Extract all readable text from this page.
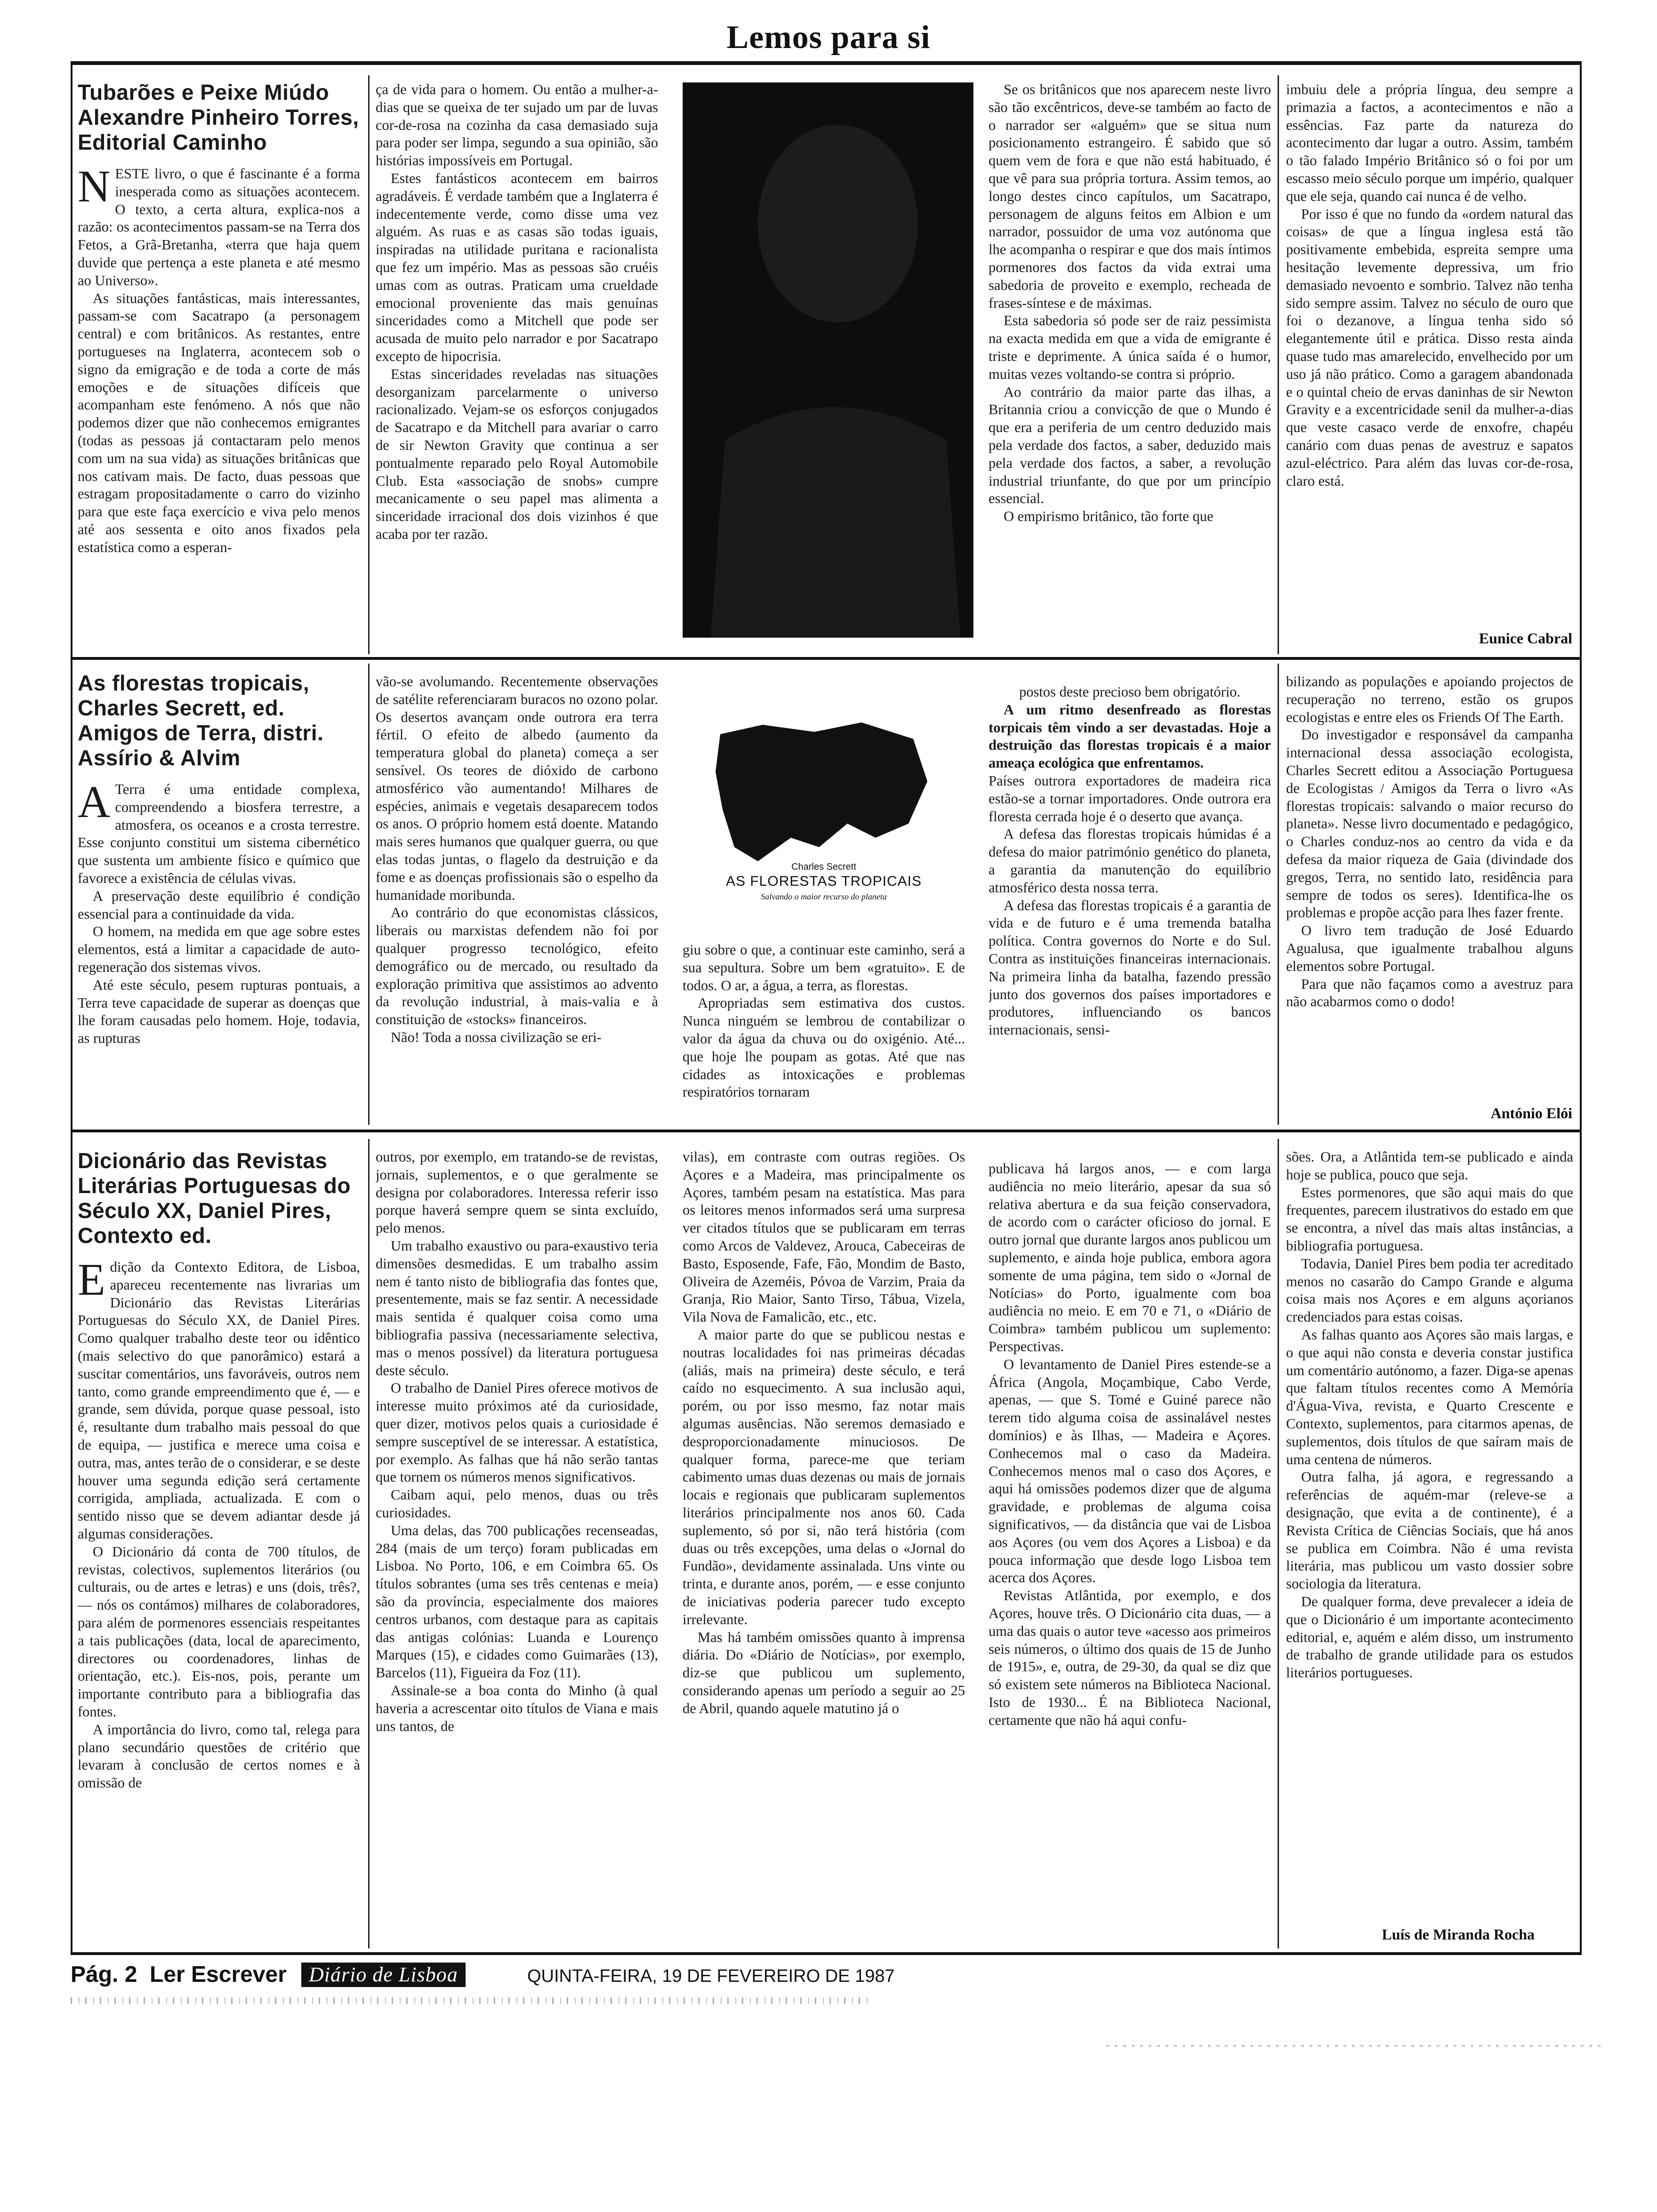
Lemos para si
Tubarões e Peixe Miúdo Alexandre Pinheiro Torres, Editorial Caminho

NESTE livro, o que é fascinante é a forma inesperada como as situações acontecem. O texto, a certa altura, explica-nos a razão: os acontecimentos passam-se na Terra dos Fetos, a Grã-Bretanha, «terra que haja quem duvide que pertença a este planeta e até mesmo ao Universo».

As situações fantásticas, mais interessantes, passam-se com Sacatrapo (a personagem central) e com britânicos. As restantes, entre portugueses na Inglaterra, acontecem sob o signo da emigração e de toda a corte de más emoções e de situações difíceis que acompanham este fenómeno. A nós que não podemos dizer que não conhecemos emigrantes (todas as pessoas já contactaram pelo menos com um na sua vida) as situações britânicas que nos cativam mais. De facto, duas pessoas que estragam propositadamente o carro do vizinho para que este faça exercício e viva pelo menos até aos sessenta e oito anos fixados pela estatística como a esperan-

ça de vida para o homem. Ou então a mulher-a-dias que se queixa de ter sujado um par de luvas cor-de-rosa na cozinha da casa demasiado suja para poder ser limpa, segundo a sua opinião, são histórias impossíveis em Portugal.

Estes fantásticos acontecem em bairros agradáveis. É verdade também que a Inglaterra é indecentemente verde, como disse uma vez alguém. As ruas e as casas são todas iguais, inspiradas na utilidade puritana e racionalista que fez um império. Mas as pessoas são cruéis umas com as outras. Praticam uma crueldade emocional proveniente das mais genuínas sinceridades como a Mitchell que pode ser acusada de muito pelo narrador e por Sacatrapo excepto de hipocrisia.

Estas sinceridades reveladas nas situações desorganizam parcelarmente o universo racionalizado. Vejam-se os esforços conjugados de Sacatrapo e da Mitchell para avariar o carro de sir Newton Gravity que continua a ser pontualmente reparado pelo Royal Automobile Club. Esta «associação de snobs» cumpre mecanicamente o seu papel mas alimenta a sinceridade irracional dos dois vizinhos é que acaba por ter razão.

Se os britânicos que nos aparecem neste livro são tão excêntricos, deve-se também ao facto de o narrador ser «alguém» que se situa num posicionamento estrangeiro. É sabido que só quem vem de fora e que não está habituado, é que vê para sua própria tortura. Assim temos, ao longo destes cinco capítulos, um Sacatrapo, personagem de alguns feitos em Albion e um narrador, possuidor de uma voz autónoma que lhe acompanha o respirar e que dos mais íntimos pormenores dos factos da vida extrai uma sabedoria de proveito e exemplo, recheada de frases-síntese e de máximas.

Esta sabedoria só pode ser de raiz pessimista na exacta medida em que a vida de emigrante é triste e deprimente. A única saída é o humor, muitas vezes voltando-se contra si próprio.

Ao contrário da maior parte das ilhas, a Britannia criou a convicção de que o Mundo é que era a periferia de um centro deduzido mais pela verdade dos factos, a saber, deduzido mais pela verdade dos factos, a saber, a revolução industrial triunfante, do que por um princípio essencial.

O empirismo britânico, tão forte que

imbuiu dele a própria língua, deu sempre a primazia a factos, a acontecimentos e não a essências. Faz parte da natureza do acontecimento dar lugar a outro. Assim, também o tão falado Império Britânico só o foi por um escasso meio século porque um império, qualquer que ele seja, quando cai nunca é de velho.

Por isso é que no fundo da «ordem natural das coisas» de que a língua inglesa está tão positivamente embebida, espreita sempre uma hesitação levemente depressiva, um frio demasiado nevoento e sombrio. Talvez não tenha sido sempre assim. Talvez no século de ouro que foi o dezanove, a língua tenha sido só elegantemente útil e prática. Disso resta ainda quase tudo mas amarelecido, envelhecido por um uso já não prático. Como a garagem abandonada e o quintal cheio de ervas daninhas de sir Newton Gravity e a excentricidade senil da mulher-a-dias que veste casaco verde de enxofre, chapéu canário com duas penas de avestruz e sapatos azul-eléctrico. Para além das luvas cor-de-rosa, claro está.

Eunice Cabral
As florestas tropicais, Charles Secrett, ed. Amigos de Terra, distri. Assírio & Alvim

A Terra é uma entidade complexa, compreendendo a biosfera terrestre, a atmosfera, os oceanos e a crosta terrestre. Esse conjunto constitui um sistema cibernético que sustenta um ambiente físico e químico que favorece a existência de células vivas.

A preservação deste equilíbrio é condição essencial para a continuidade da vida.

O homem, na medida em que age sobre estes elementos, está a limitar a capacidade de auto-regeneração dos sistemas vivos.

Até este século, pesem rupturas pontuais, a Terra teve capacidade de superar as doenças que lhe foram causadas pelo homem. Hoje, todavia, as rupturas

vão-se avolumando. Recentemente observações de satélite referenciaram buracos no ozono polar. Os desertos avançam onde outrora era terra fértil. O efeito de albedo (aumento da temperatura global do planeta) começa a ser sensível. Os teores de dióxido de carbono atmosférico vão aumentando! Milhares de espécies, animais e vegetais desaparecem todos os anos. O próprio homem está doente. Matando mais seres humanos que qualquer guerra, ou que elas todas juntas, o flagelo da destruição e da fome e as doenças profissionais são o espelho da humanidade moribunda.

Ao contrário do que economistas clássicos, liberais ou marxistas defendem não foi por qualquer progresso tecnológico, efeito demográfico ou de mercado, ou resultado da exploração primitiva que assistimos ao advento da revolução industrial, à mais-valia e à constituição de «stocks» financeiros.

Não! Toda a nossa civilização se eri-

Charles Secrett
AS FLORESTAS TROPICAIS
Salvando o maior recurso do planeta

giu sobre o que, a continuar este caminho, será a sua sepultura. Sobre um bem «gratuito». E de todos. O ar, a água, a terra, as florestas.

Apropriadas sem estimativa dos custos. Nunca ninguém se lembrou de contabilizar o valor da água da chuva ou do oxigénio. Até... que hoje lhe poupam as gotas. Até que nas cidades as intoxicações e problemas respiratórios tornaram

postos deste precioso bem obrigatório.

A um ritmo desenfreado as florestas torpicais têm vindo a ser devastadas. Hoje a destruição das florestas tropicais é a maior ameaça ecológica que enfrentamos.

Países outrora exportadores de madeira rica estão-se a tornar importadores. Onde outrora era floresta cerrada hoje é o deserto que avança.

A defesa das florestas tropicais húmidas é a defesa do maior património genético do planeta, a garantia da manutenção do equilíbrio atmosférico desta nossa terra.

A defesa das florestas tropicais é a garantia de vida e de futuro e é uma tremenda batalha política. Contra governos do Norte e do Sul. Contra as instituições financeiras internacionais. Na primeira linha da batalha, fazendo pressão junto dos governos dos países importadores e produtores, influenciando os bancos internacionais, sensi-

bilizando as populações e apoiando projectos de recuperação no terreno, estão os grupos ecologistas e entre eles os Friends Of The Earth.

Do investigador e responsável da campanha internacional dessa associação ecologista, Charles Secrett editou a Associação Portuguesa de Ecologistas / Amigos da Terra o livro «As florestas tropicais: salvando o maior recurso do planeta». Nesse livro documentado e pedagógico, o Charles conduz-nos ao centro da vida e da defesa da maior riqueza de Gaia (divindade dos gregos, Terra, no sentido lato, residência para sempre de todos os seres). Identifica-lhe os problemas e propõe acção para lhes fazer frente.

O livro tem tradução de José Eduardo Agualusa, que igualmente trabalhou alguns elementos sobre Portugal.

Para que não façamos como a avestruz para não acabarmos como o dodo!

António Elói
Dicionário das Revistas Literárias Portuguesas do Século XX, Daniel Pires, Contexto ed.

Edição da Contexto Editora, de Lisboa, apareceu recentemente nas livrarias um Dicionário das Revistas Literárias Portuguesas do Século XX, de Daniel Pires. Como qualquer trabalho deste teor ou idêntico (mais selectivo do que panorâmico) estará a suscitar comentários, uns favoráveis, outros nem tanto, como grande empreendimento que é, — e grande, sem dúvida, porque quase pessoal, isto é, resultante dum trabalho mais pessoal do que de equipa, — justifica e merece uma coisa e outra, mas, antes terão de o considerar, e se deste houver uma segunda edição será certamente corrigida, ampliada, actualizada. E com o sentido nisso que se devem adiantar desde já algumas considerações.

O Dicionário dá conta de 700 títulos, de revistas, colectivos, suplementos literários (ou culturais, ou de artes e letras) e uns (dois, três?, — nós os contámos) milhares de colaboradores, para além de pormenores essenciais respeitantes a tais publicações (data, local de aparecimento, directores ou coordenadores, linhas de orientação, etc.). Eis-nos, pois, perante um importante contributo para a bibliografia das fontes.

A importância do livro, como tal, relega para plano secundário questões de critério que levaram à conclusão de certos nomes e à omissão de

outros, por exemplo, em tratando-se de revistas, jornais, suplementos, e o que geralmente se designa por colaboradores. Interessa referir isso porque haverá sempre quem se sinta excluído, pelo menos.

Um trabalho exaustivo ou para-exaustivo teria dimensões desmedidas. E um trabalho assim nem é tanto nisto de bibliografia das fontes que, presentemente, mais se faz sentir. A necessidade mais sentida é qualquer coisa como uma bibliografia passiva (necessariamente selectiva, mas o menos possível) da literatura portuguesa deste século.

O trabalho de Daniel Pires oferece motivos de interesse muito próximos até da curiosidade, quer dizer, motivos pelos quais a curiosidade é sempre susceptível de se interessar. A estatística, por exemplo. As falhas que há não serão tantas que tornem os números menos significativos.

Caibam aqui, pelo menos, duas ou três curiosidades.

Uma delas, das 700 publicações recenseadas, 284 (mais de um terço) foram publicadas em Lisboa. No Porto, 106, e em Coimbra 65. Os títulos sobrantes (uma ses três centenas e meia) são da província, especialmente dos maiores centros urbanos, com destaque para as capitais das antigas colónias: Luanda e Lourenço Marques (15), e cidades como Guimarães (13), Barcelos (11), Figueira da Foz (11).

Assinale-se a boa conta do Minho (à qual haveria a acrescentar oito títulos de Viana e mais uns tantos, de

vilas), em contraste com outras regiões. Os Açores e a Madeira, mas principalmente os Açores, também pesam na estatística. Mas para os leitores menos informados será uma surpresa ver citados títulos que se publicaram em terras como Arcos de Valdevez, Arouca, Cabeceiras de Basto, Esposende, Fafe, Fão, Mondim de Basto, Oliveira de Azeméis, Póvoa de Varzim, Praia da Granja, Rio Maior, Santo Tirso, Tábua, Vizela, Vila Nova de Famalicão, etc., etc.

A maior parte do que se publicou nestas e noutras localidades foi nas primeiras décadas (aliás, mais na primeira) deste século, e terá caído no esquecimento. A sua inclusão aqui, porém, ou por isso mesmo, faz notar mais algumas ausências. Não seremos demasiado e desproporcionadamente minuciosos. De qualquer forma, parece-me que teriam cabimento umas duas dezenas ou mais de jornais locais e regionais que publicaram suplementos literários principalmente nos anos 60. Cada suplemento, só por si, não terá história (com duas ou três excepções, uma delas o «Jornal do Fundão», devidamente assinalada. Uns vinte ou trinta, e durante anos, porém, — e esse conjunto de iniciativas poderia parecer tudo excepto irrelevante.

Mas há também omissões quanto à imprensa diária. Do «Diário de Notícias», por exemplo, diz-se que publicou um suplemento, considerando apenas um período a seguir ao 25 de Abril, quando aquele matutino já o

publicava há largos anos, — e com larga audiência no meio literário, apesar da sua só relativa abertura e da sua feição conservadora, de acordo com o carácter oficioso do jornal. E outro jornal que durante largos anos publicou um suplemento, e ainda hoje publica, embora agora somente de uma página, tem sido o «Jornal de Notícias» do Porto, igualmente com boa audiência no meio. E em 70 e 71, o «Diário de Coimbra» também publicou um suplemento: Perspectivas.

O levantamento de Daniel Pires estende-se a África (Angola, Moçambique, Cabo Verde, apenas, — que S. Tomé e Guiné parece não terem tido alguma coisa de assinalável nestes domínios) e às Ilhas, — Madeira e Açores. Conhecemos mal o caso da Madeira. Conhecemos menos mal o caso dos Açores, e aqui há omissões podemos dizer que de alguma gravidade, e problemas de alguma coisa significativos, — da distância que vai de Lisboa aos Açores (ou vem dos Açores a Lisboa) e da pouca informação que desde logo Lisboa tem acerca dos Açores.

Revistas Atlântida, por exemplo, e dos Açores, houve três. O Dicionário cita duas, — a uma das quais o autor teve «acesso aos primeiros seis números, o último dos quais de 15 de Junho de 1915», e, outra, de 29-30, da qual se diz que só existem sete números na Biblioteca Nacional. Isto de 1930... É na Biblioteca Nacional, certamente que não há aqui confu-

sões. Ora, a Atlântida tem-se publicado e ainda hoje se publica, pouco que seja.

Estes pormenores, que são aqui mais do que frequentes, parecem ilustrativos do estado em que se encontra, a nível das mais altas instâncias, a bibliografia portuguesa.

Todavia, Daniel Pires bem podia ter acreditado menos no casarão do Campo Grande e alguma coisa mais nos Açores e em alguns açorianos credenciados para estas coisas.

As falhas quanto aos Açores são mais largas, e o que aqui não consta e deveria constar justifica um comentário autónomo, a fazer. Diga-se apenas que faltam títulos recentes como A Memória d'Água-Viva, revista, e Quarto Crescente e Contexto, suplementos, para citarmos apenas, de suplementos, dois títulos de que saíram mais de uma centena de números.

Outra falha, já agora, e regressando a referências de aquém-mar (releve-se a designação, que evita a de continente), é a Revista Crítica de Ciências Sociais, que há anos se publica em Coimbra. Não é uma revista literária, mas publicou um vasto dossier sobre sociologia da literatura.

De qualquer forma, deve prevalecer a ideia de que o Dicionário é um importante acontecimento editorial, e, aquém e além disso, um instrumento de trabalho de grande utilidade para os estudos literários portugueses.

Luís de Miranda Rocha
Pág. 2 Ler Escrever	Diário de Lisboa	QUINTA-FEIRA, 19 DE FEVEREIRO DE 1987
